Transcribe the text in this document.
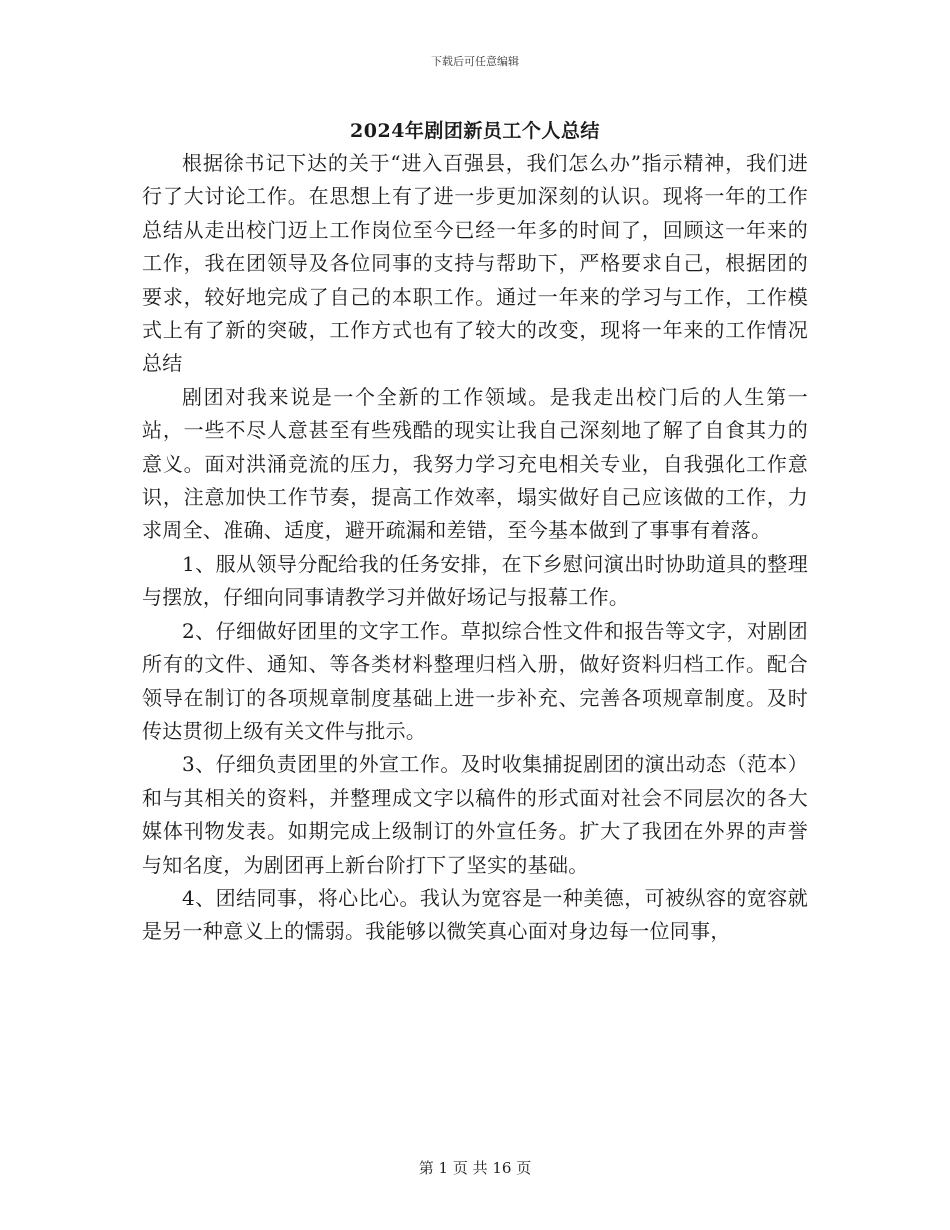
下载后可任意编辑
2024年剧团新员工个人总结

根据徐书记下达的关于“进入百强县，我们怎么办”指示精神，我们进行了大讨论工作。在思想上有了进一步更加深刻的认识。现将一年的工作总结从走出校门迈上工作岗位至今已经一年多的时间了，回顾这一年来的工作，我在团领导及各位同事的支持与帮助下，严格要求自己，根据团的要求，较好地完成了自己的本职工作。通过一年来的学习与工作，工作模式上有了新的突破，工作方式也有了较大的改变，现将一年来的工作情况总结

剧团对我来说是一个全新的工作领域。是我走出校门后的人生第一站，一些不尽人意甚至有些残酷的现实让我自己深刻地了解了自食其力的意义。面对洪涌竞流的压力，我努力学习充电相关专业，自我强化工作意识，注意加快工作节奏，提高工作效率，塌实做好自己应该做的工作，力求周全、准确、适度，避开疏漏和差错，至今基本做到了事事有着落。

1、服从领导分配给我的任务安排，在下乡慰问演出时协助道具的整理与摆放，仔细向同事请教学习并做好场记与报幕工作。

2、仔细做好团里的文字工作。草拟综合性文件和报告等文字，对剧团所有的文件、通知、等各类材料整理归档入册，做好资料归档工作。配合领导在制订的各项规章制度基础上进一步补充、完善各项规章制度。及时传达贯彻上级有关文件与批示。

3、仔细负责团里的外宣工作。及时收集捕捉剧团的演出动态（范本）和与其相关的资料，并整理成文字以稿件的形式面对社会不同层次的各大媒体刊物发表。如期完成上级制订的外宣任务。扩大了我团在外界的声誉与知名度，为剧团再上新台阶打下了坚实的基础。

4、团结同事，将心比心。我认为宽容是一种美德，可被纵容的宽容就是另一种意义上的懦弱。我能够以微笑真心面对身边每一位同事，

第 1 页 共 16 页
